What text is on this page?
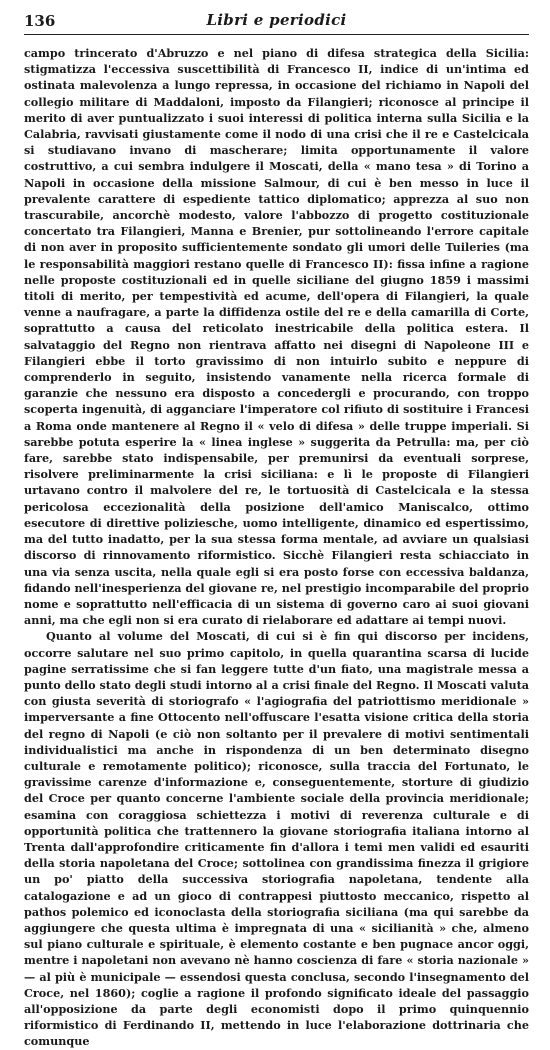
136	Libri e periodici

campo trincerato d'Abruzzo e nel piano di difesa strategica della Sicilia: stigmatizza l'eccessiva suscettibilità di Francesco II, indice di un'intima ed ostinata malevolenza a lungo repressa, in occasione del richiamo in Napoli del collegio militare di Maddaloni, imposto da Filangieri; riconosce al principe il merito di aver puntualizzato i suoi interessi di politica interna sulla Sicilia e la Calabria, ravvisati giustamente come il nodo di una crisi che il re e Castelcicala si studiavano invano di mascherare; limita opportunamente il valore costruttivo, a cui sembra indulgere il Moscati, della « mano tesa » di Torino a Napoli in occasione della missione Salmour, di cui è ben messo in luce il prevalente carattere di espediente tattico diplomatico; apprezza al suo non trascurabile, ancorchè modesto, valore l'abbozzo di progetto costituzionale concertato tra Filangieri, Manna e Brenier, pur sottolineando l'errore capitale di non aver in proposito sufficientemente sondato gli umori delle Tuileries (ma le responsabilità maggiori restano quelle di Francesco II): fissa infine a ragione nelle proposte costituzionali ed in quelle siciliane del giugno 1859 i massimi titoli di merito, per tempestività ed acume, dell'opera di Filangieri, la quale venne a naufragare, a parte la diffidenza ostile del re e della camarilla di Corte, soprattutto a causa del reticolato inestricabile della politica estera. Il salvataggio del Regno non rientrava affatto nei disegni di Napoleone III e Filangieri ebbe il torto gravissimo di non intuirlo subito e neppure di comprenderlo in seguito, insistendo vanamente nella ricerca formale di garanzie che nessuno era disposto a concedergli e procurando, con troppo scoperta ingenuità, di agganciare l'imperatore col rifiuto di sostituire i Francesi a Roma onde mantenere al Regno il « velo di difesa » delle truppe imperiali. Si sarebbe potuta esperire la « linea inglese » suggerita da Petrulla: ma, per ciò fare, sarebbe stato indispensabile, per premunirsi da eventuali sorprese, risolvere preliminarmente la crisi siciliana: e lì le proposte di Filangieri urtavano contro il malvolere del re, le tortuosità di Castelcicala e la stessa pericolosa eccezionalità della posizione dell'amico Maniscalco, ottimo esecutore di direttive poliziesche, uomo intelligente, dinamico ed espertissimo, ma del tutto inadatto, per la sua stessa forma mentale, ad avviare un qualsiasi discorso di rinnovamento riformistico. Sicchè Filangieri resta schiacciato in una via senza uscita, nella quale egli si era posto forse con eccessiva baldanza, fidando nell'inesperienza del giovane re, nel prestigio incomparabile del proprio nome e soprattutto nell'efficacia di un sistema di governo caro ai suoi giovani anni, ma che egli non si era curato di rielaborare ed adattare ai tempi nuovi.

Quanto al volume del Moscati, di cui si è fin qui discorso per incidens, occorre salutare nel suo primo capitolo, in quella quarantina scarsa di lucide pagine serratissime che si fan leggere tutte d'un fiato, una magistrale messa a punto dello stato degli studi intorno al a crisi finale del Regno. Il Moscati valuta con giusta severità di storiografo « l'agiografia del patriottismo meridionale » imperversante a fine Ottocento nell'offuscare l'esatta visione critica della storia del regno di Napoli (e ciò non soltanto per il prevalere di motivi sentimentali individualistici ma anche in rispondenza di un ben determinato disegno culturale e remotamente politico); riconosce, sulla traccia del Fortunato, le gravissime carenze d'informazione e, conseguentemente, storture di giudizio del Croce per quanto concerne l'ambiente sociale della provincia meridionale; esamina con coraggiosa schiettezza i motivi di reverenza culturale e di opportunità politica che trattennero la giovane storiografia italiana intorno al Trenta dall'approfondire criticamente fin d'allora i temi men validi ed esauriti della storia napoletana del Croce; sottolinea con grandissima finezza il grigiore un po' piatto della successiva storiografia napoletana, tendente alla catalogazione e ad un gioco di contrappesi piuttosto meccanico, rispetto al pathos polemico ed iconoclasta della storiografia siciliana (ma qui sarebbe da aggiungere che questa ultima è impregnata di una « sicilianità » che, almeno sul piano culturale e spirituale, è elemento costante e ben pugnace ancor oggi, mentre i napoletani non avevano nè hanno coscienza di fare « storia nazionale » — al più è municipale — essendosi questa conclusa, secondo l'insegnamento del Croce, nel 1860); coglie a ragione il profondo significato ideale del passaggio all'opposizione da parte degli economisti dopo il primo quinquennio riformistico di Ferdinando II, mettendo in luce l'elaborazione dottrinaria che comunque
